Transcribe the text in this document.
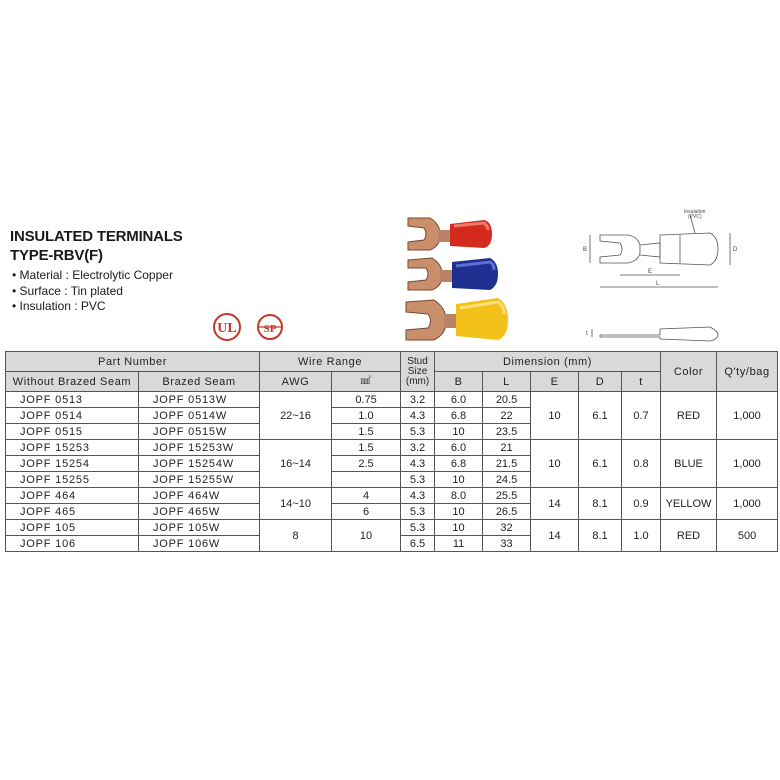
INSULATED TERMINALS
TYPE-RBV(F)
• Material : Electrolytic Copper
• Surface : Tin plated
• Insulation : PVC
UL SP
Insulation
(PVC)
B	D
E
L
t
Part Number		Wire Range		Stud
Size
(mm)	Dimension (mm)					Color	Q'ty/bag
Without Brazed Seam	Brazed Seam	AWG	㎟		B	L	E	D	t		
JOPF 0513	JOPF 0513W	22~16	0.75	3.2	6.0	20.5	10	6.1	0.7	RED	1,000
JOPF 0514	JOPF 0514W		1.0	4.3	6.8	22					
JOPF 0515	JOPF 0515W		1.5	5.3	10	23.5					
JOPF 15253	JOPF 15253W	16~14	1.5	3.2	6.0	21	10	6.1	0.8	BLUE	1,000
JOPF 15254	JOPF 15254W		2.5	4.3	6.8	21.5					
JOPF 15255	JOPF 15255W			5.3	10	24.5					
JOPF 464	JOPF 464W	14~10	4	4.3	8.0	25.5	14	8.1	0.9	YELLOW	1,000
JOPF 465	JOPF 465W		6	5.3	10	26.5					
JOPF 105	JOPF 105W	8	10	5.3	10	32	14	8.1	1.0	RED	500
JOPF 106	JOPF 106W			6.5	11	33					
